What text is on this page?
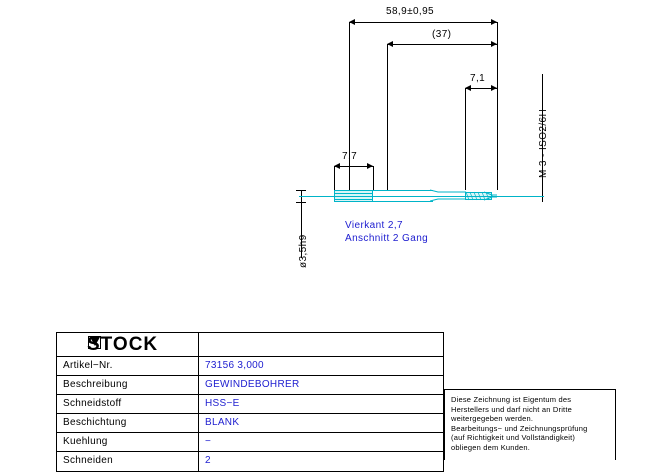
58,9±0,95
(37)
7,1
7,7	M 3 - ISO2/6H
ø3,5h9
Vierkant 2,7
Anschnitt 2 Gang
STOCK
Artikel−Nr.	73156 3,000
Beschreibung	GEWINDEBOHRER
Schneidstoff	HSS−E
Beschichtung	BLANK
Kuehlung	−
Schneiden	2

Diese Zeichnung ist Eigentum des

Herstellers und darf nicht an Dritte

weitergegeben werden.

Bearbeitungs− und Zeichnungsprüfung

(auf Richtigkeit und Vollständigkeit)

obliegen dem Kunden.
